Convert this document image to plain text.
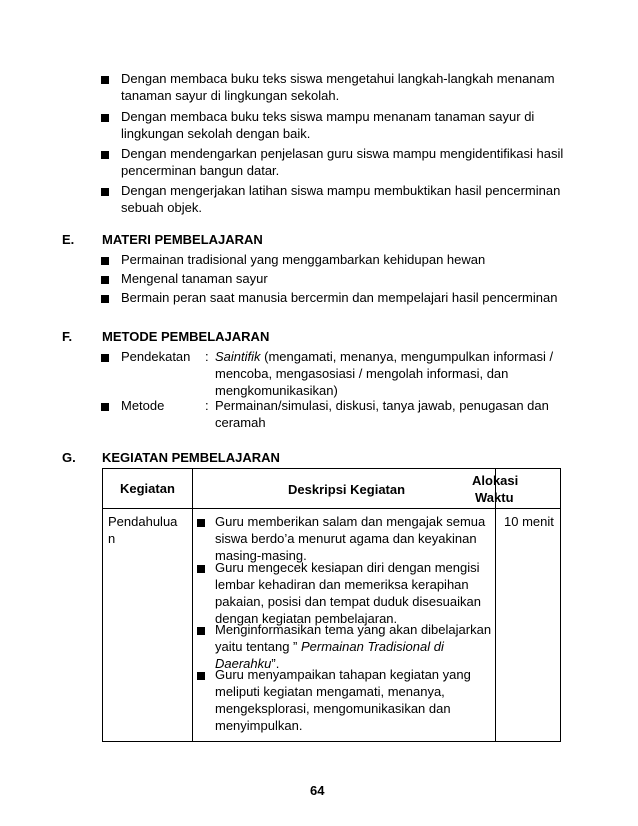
Dengan membaca buku teks siswa mengetahui langkah-langkah menanam
tanaman sayur di lingkungan sekolah.
Dengan membaca buku teks siswa mampu menanam tanaman sayur di
lingkungan sekolah dengan baik.
Dengan mendengarkan penjelasan guru siswa mampu mengidentifikasi hasil
pencerminan bangun datar.
Dengan mengerjakan latihan siswa mampu membuktikan hasil pencerminan
sebuah objek.
E. MATERI PEMBELAJARAN
Permainan tradisional yang menggambarkan kehidupan hewan
Mengenal tanaman sayur
Bermain peran saat manusia bercermin dan mempelajari hasil pencerminan
F. METODE PEMBELAJARAN
Pendekatan : Saintifik (mengamati, menanya, mengumpulkan informasi /
mencoba, mengasosiasi / mengolah informasi, dan
mengkomunikasikan)
Metode	: Permainan/simulasi, diskusi, tanya jawab, penugasan dan
ceramah
G. KEGIATAN PEMBELAJARAN
Kegiatan	Deskripsi Kegiatan
Alokasi
Waktu
Pendahulua
n
10 menit
Guru memberikan salam dan mengajak semua
siswa berdo’a menurut agama dan keyakinan
masing-masing.
Guru mengecek kesiapan diri dengan mengisi
lembar kehadiran dan memeriksa kerapihan
pakaian, posisi dan tempat duduk disesuaikan
dengan kegiatan pembelajaran.
Menginformasikan tema yang akan dibelajarkan
yaitu tentang ” Permainan Tradisional di
Daerahku”.
Guru menyampaikan tahapan kegiatan yang
meliputi kegiatan mengamati, menanya,
mengeksplorasi, mengomunikasikan dan
menyimpulkan.
64
